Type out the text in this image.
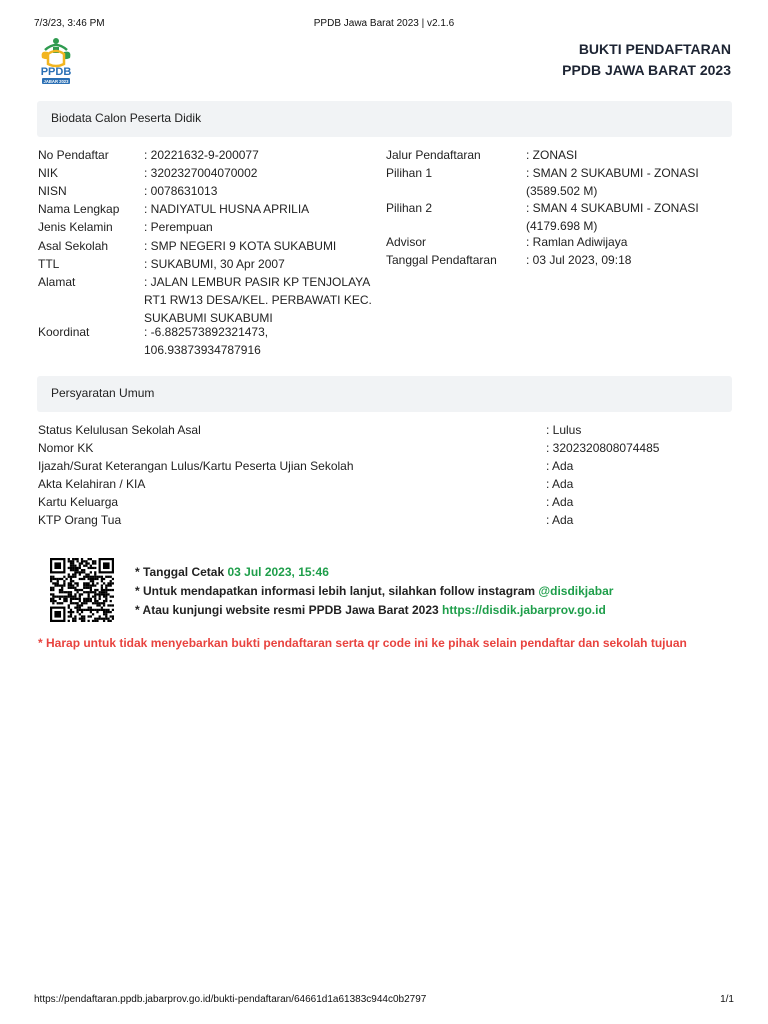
7/3/23, 3:46 PM	PPDB Jawa Barat 2023 | v2.1.6
PPDB
JABAR 2023
BUKTI PENDAFTARAN
PPDB JAWA BARAT 2023
Biodata Calon Peserta Didik
No Pendaftar	: 20221632-9-200077
NIK	: 3202327004070002
NISN	: 0078631013
Nama Lengkap : NADIYATUL HUSNA APRILIA
Jenis Kelamin	: Perempuan
Asal Sekolah	: SMP NEGERI 9 KOTA SUKABUMI
TTL	: SUKABUMI, 30 Apr 2007
Alamat	: JALAN LEMBUR PASIR KP TENJOLAYA RT1 RW13 DESA/KEL. PERBAWATI KEC. SUKABUMI SUKABUMI
Koordinat	: -6.882573892321473, 106.93873934787916
Jalur Pendaftaran	: ZONASI
Pilihan 1	: SMAN 2 SUKABUMI - ZONASI (3589.502 M)
Pilihan 2	: SMAN 4 SUKABUMI - ZONASI (4179.698 M)
Advisor	: Ramlan Adiwijaya
Tanggal Pendaftaran : 03 Jul 2023, 09:18
Persyaratan Umum
Status Kelulusan Sekolah Asal	: Lulus
Nomor KK	: 3202320808074485
Ijazah/Surat Keterangan Lulus/Kartu Peserta Ujian Sekolah	: Ada
Akta Kelahiran / KIA	: Ada
Kartu Keluarga	: Ada
KTP Orang Tua	: Ada
* Tanggal Cetak 03 Jul 2023, 15:46
* Untuk mendapatkan informasi lebih lanjut, silahkan follow instagram @disdikjabar
* Atau kunjungi website resmi PPDB Jawa Barat 2023 https://disdik.jabarprov.go.id
* Harap untuk tidak menyebarkan bukti pendaftaran serta qr code ini ke pihak selain pendaftar dan sekolah tujuan
https://pendaftaran.ppdb.jabarprov.go.id/bukti-pendaftaran/64661d1a61383c944c0b2797	1/1
